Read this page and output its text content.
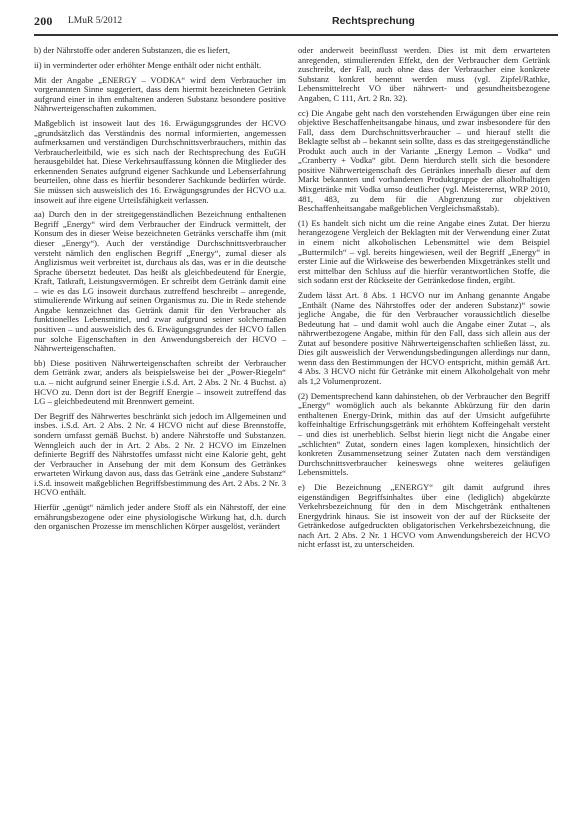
200 LMuR 5/2012	Rechtsprechung

b) der Nährstoffe oder anderen Substanzen, die es liefert,

ii) in verminderter oder erhöhter Menge enthält oder nicht enthält.

Mit der Angabe „ENERGY – VODKA“ wird dem Verbraucher im vorgenannten Sinne suggeriert, dass dem hiermit bezeichneten Getränk aufgrund einer in ihm enthaltenen anderen Substanz besondere positive Nährwerteigenschaften zukommen.

Maßgeblich ist insoweit laut des 16. Erwägungsgrundes der HCVO „grundsätzlich das Verständnis des normal informierten, angemessen aufmerksamen und verständigen Durchschnittsverbrauchers, mithin das Verbraucherleitbild, wie es sich nach der Rechtsprechung des EuGH herausgebildet hat. Diese Verkehrsauffassung können die Mitglieder des erkennenden Senates aufgrund eigener Sachkunde und Lebenserfahrung beurteilen, ohne dass es hierfür besonderer Sachkunde bedürfen würde. Sie müssen sich ausweislich des 16. Erwägungsgrundes der HCVO u.a. insoweit auf ihre eigene Urteilsfähigkeit verlassen.

aa) Durch den in der streitgegenständlichen Bezeichnung enthaltenen Begriff „Energy“ wird dem Verbraucher der Eindruck vermittelt, der Konsum des in dieser Weise bezeichneten Getränks verschaffe ihm (mit dieser „Energy“). Auch der verständige Durchschnittsverbraucher versteht nämlich den englischen Begriff „Energy“, zumal dieser als Anglizismus weit verbreitet ist, durchaus als das, was er in die deutsche Sprache übersetzt bedeutet. Das heißt als gleichbedeutend für Energie, Kraft, Tatkraft, Leistungsvermögen. Er schreibt dem Getränk damit eine – wie es das LG insoweit durchaus zutreffend beschreibt – anregende, stimulierende Wirkung auf seinen Organismus zu. Die in Rede stehende Angabe kennzeichnet das Getränk damit für den Verbraucher als funktionelles Lebensmittel, und zwar aufgrund seiner solchermaßen positiven – und ausweislich des 6. Erwägungsgrundes der HCVO fallen nur solche Eigenschaften in den Anwendungsbereich der HCVO – Nährwerteigenschaften.

bb) Diese positiven Nährwerteigenschaften schreibt der Verbraucher dem Getränk zwar, anders als beispielsweise bei der „Power-Riegeln“ u.a. – nicht aufgrund seiner Energie i.S.d. Art. 2 Abs. 2 Nr. 4 Buchst. a) HCVO zu. Denn dort ist der Begriff Energie – insoweit zutreffend das LG – gleichbedeutend mit Brennwert gemeint.

Der Begriff des Nährwertes beschränkt sich jedoch im Allgemeinen und insbes. i.S.d. Art. 2 Abs. 2 Nr. 4 HCVO nicht auf diese Brennstoffe, sondern umfasst gemäß Buchst. b) andere Nährstoffe und Substanzen. Wenngleich auch der in Art. 2 Abs. 2 Nr. 2 HCVO im Einzelnen definierte Begriff des Nährstoffes umfasst nicht eine Kalorie geht, geht der Verbraucher in Ansehung der mit dem Konsum des Getränkes erwarteten Wirkung davon aus, dass das Getränk eine „andere Substanz“ i.S.d. insoweit maßgeblichen Begriffsbestimmung des Art. 2 Abs. 2 Nr. 3 HCVO enthält.

Hierfür „genügt“ nämlich jeder andere Stoff als ein Nährstoff, der eine ernährungsbezogene oder eine physiologische Wirkung hat, d.h. durch den organischen Prozesse im menschlichen Körper ausgelöst, verändert

oder anderweit beeinflusst werden. Dies ist mit dem erwarteten anregenden, stimulierenden Effekt, den der Verbraucher dem Getränk zuschreibt, der Fall, auch ohne dass der Verbraucher eine konkrete Substanz konkret benennt werden muss (vgl. Zipfel/Rathke, Lebensmittelrecht VO über nährwert- und gesundheitsbezogene Angaben, C 111, Art. 2 Rn. 32).

cc) Die Angabe geht nach den vorstehenden Erwägungen über eine rein objektive Beschaffenheitsangabe hinaus, und zwar insbesondere für den Fall, dass dem Durchschnittsverbraucher – und hierauf stellt die Beklagte selbst ab – bekannt sein sollte, dass es das streitgegenständliche Produkt auch auch in der Variante „Energy Lemon – Vodka“ und „Cranberry + Vodka“ gibt. Denn hierdurch stellt sich die besondere positive Nährwerteigenschaft des Getränkes innerhalb dieser auf dem Markt bekannten und vorhandenen Produktgruppe der alkoholhaltigen Mixgetränke mit Vodka umso deutlicher (vgl. Meisterernst, WRP 2010, 481, 483, zu dem für die Abgrenzung zur objektiven Beschaffenheitsangabe maßgeblichen Vergleichsmaßstab).

(1) Es handelt sich nicht um die reine Angabe eines Zutat. Der hierzu herangezogene Vergleich der Beklagten mit der Verwendung einer Zutat in einem nicht alkoholischen Lebensmittel wie dem Beispiel „Buttermilch“ – vgl. bereits hingewiesen, weil der Begriff „Energy“ in erster Linie auf die Wirkweise des bewerbenden Mixgetränkes stellt und erst mittelbar den Schluss auf die hierfür verantwortlichen Stoffe, die sich sodann erst der Rückseite der Getränkedose finden, ergibt.

Zudem lässt Art. 8 Abs. 1 HCVO nur im Anhang genannte Angabe „Enthält (Name des Nährstoffes oder der anderen Substanz)“ sowie jegliche Angabe, die für den Verbraucher voraussichtlich dieselbe Bedeutung hat – und damit wohl auch die Angabe einer Zutat –, als nährwertbezogene Angabe, mithin für den Fall, dass sich allein aus der Zutat auf besondere positive Nährwerteigenschaften schließen lässt, zu. Dies gilt ausweislich der Verwendungsbedingungen allerdings nur dann, wenn dass den Bestimmungen der HCVO entspricht, mithin gemäß Art. 4 Abs. 3 HCVO nicht für Getränke mit einem Alkoholgehalt von mehr als 1,2 Volumenprozent.

(2) Dementsprechend kann dahinstehen, ob der Verbraucher den Begriff „Energy“ womöglich auch als bekannte Abkürzung für den darin enthaltenen Energy-Drink, mithin das auf der Umsicht aufgeführte koffeinhaltige Erfrischungsgetränk mit erhöhtem Koffeingehalt versteht – und dies ist unerheblich. Selbst hierin liegt nicht die Angabe einer „schlichten“ Zutat, sondern eines lagen komplexen, hinsichtlich der konkreten Zusammensetzung seiner Zutaten nach dem verständigen Durchschnittsverbraucher keineswegs ohne weiteres geläufigen Lebensmittels.

e) Die Bezeichnung „ENERGY“ gilt damit aufgrund ihres eigenständigen Begriffsinhaltes über eine (lediglich) abgekürzte Verkehrsbezeichnung für den in dem Mischgetränk enthaltenen Energydrink hinaus. Sie ist insoweit von der auf der Rückseite der Getränkedose aufgedruckten obligatorischen Verkehrsbezeichnung, die nach Art. 2 Abs. 2 Nr. 1 HCVO vom Anwendungsbereich der HCVO nicht erfasst ist, zu unterscheiden.
